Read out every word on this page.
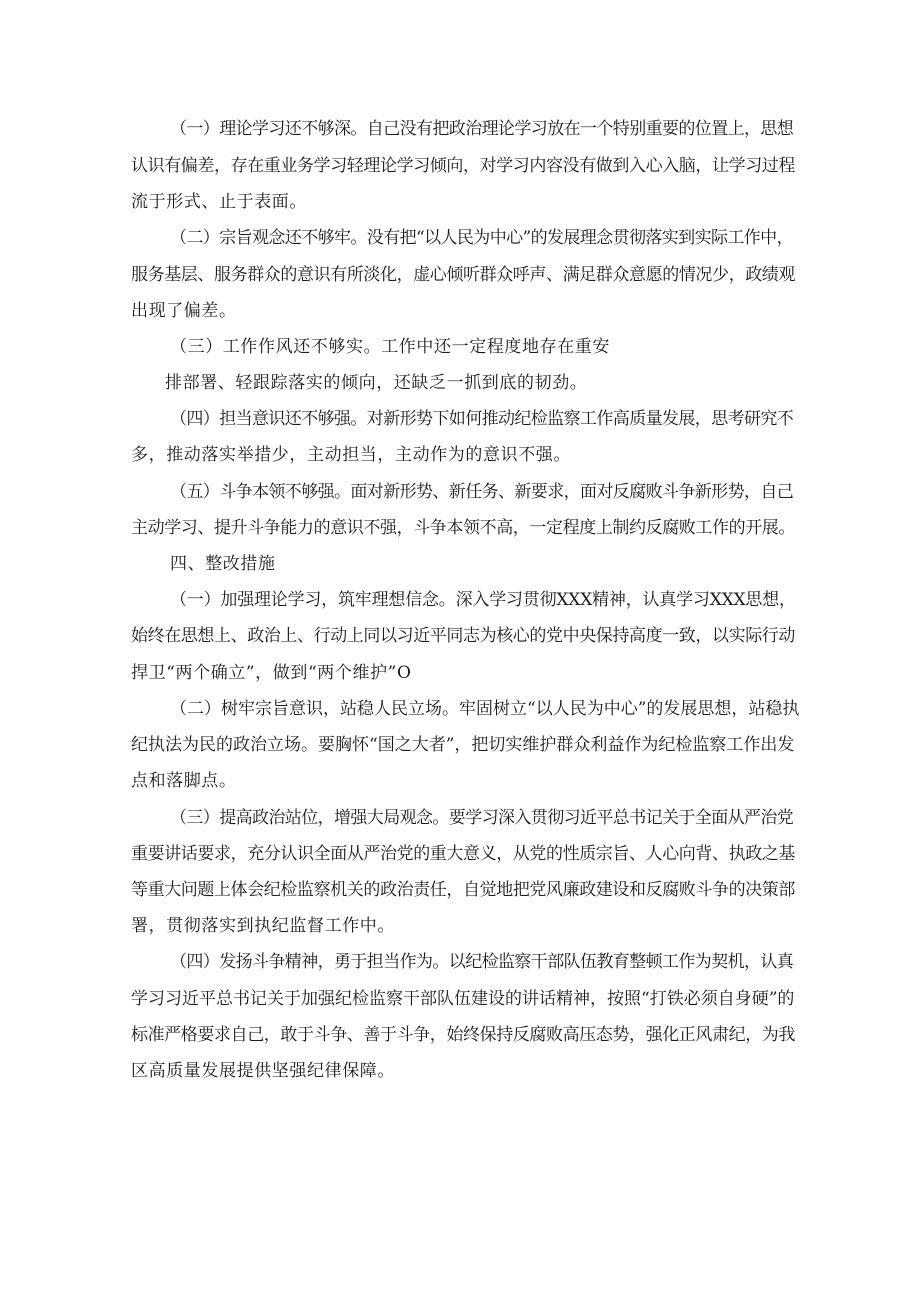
（一）理论学习还不够深。自己没有把政治理论学习放在一个特别重要的位置上，思想

认识有偏差，存在重业务学习轻理论学习倾向，对学习内容没有做到入心入脑，让学习过程

流于形式、止于表面。

（二）宗旨观念还不够牢。没有把“以人民为中心”的发展理念贯彻落实到实际工作中，

服务基层、服务群众的意识有所淡化，虚心倾听群众呼声、满足群众意愿的情况少，政绩观

出现了偏差。

（三）工作作风还不够实。工作中还一定程度地存在重安

排部署、轻跟踪落实的倾向，还缺乏一抓到底的韧劲。

（四）担当意识还不够强。对新形势下如何推动纪检监察工作高质量发展，思考研究不

多，推动落实举措少，主动担当，主动作为的意识不强。

（五）斗争本领不够强。面对新形势、新任务、新要求，面对反腐败斗争新形势，自己

主动学习、提升斗争能力的意识不强，斗争本领不高，一定程度上制约反腐败工作的开展。

四、整改措施

（一）加强理论学习，筑牢理想信念。深入学习贯彻XXX精神，认真学习XXX思想，

始终在思想上、政治上、行动上同以习近平同志为核心的党中央保持高度一致，以实际行动

捍卫“两个确立”，做到“两个维护”O

（二）树牢宗旨意识，站稳人民立场。牢固树立“以人民为中心”的发展思想，站稳执

纪执法为民的政治立场。要胸怀“国之大者”，把切实维护群众利益作为纪检监察工作出发

点和落脚点。

（三）提高政治站位，增强大局观念。要学习深入贯彻习近平总书记关于全面从严治党

重要讲话要求，充分认识全面从严治党的重大意义，从党的性质宗旨、人心向背、执政之基

等重大问题上体会纪检监察机关的政治责任，自觉地把党风廉政建设和反腐败斗争的决策部

署，贯彻落实到执纪监督工作中。

（四）发扬斗争精神，勇于担当作为。以纪检监察干部队伍教育整顿工作为契机，认真

学习习近平总书记关于加强纪检监察干部队伍建设的讲话精神，按照“打铁必须自身硬”的

标准严格要求自己，敢于斗争、善于斗争，始终保持反腐败高压态势，强化正风肃纪，为我

区高质量发展提供坚强纪律保障。
